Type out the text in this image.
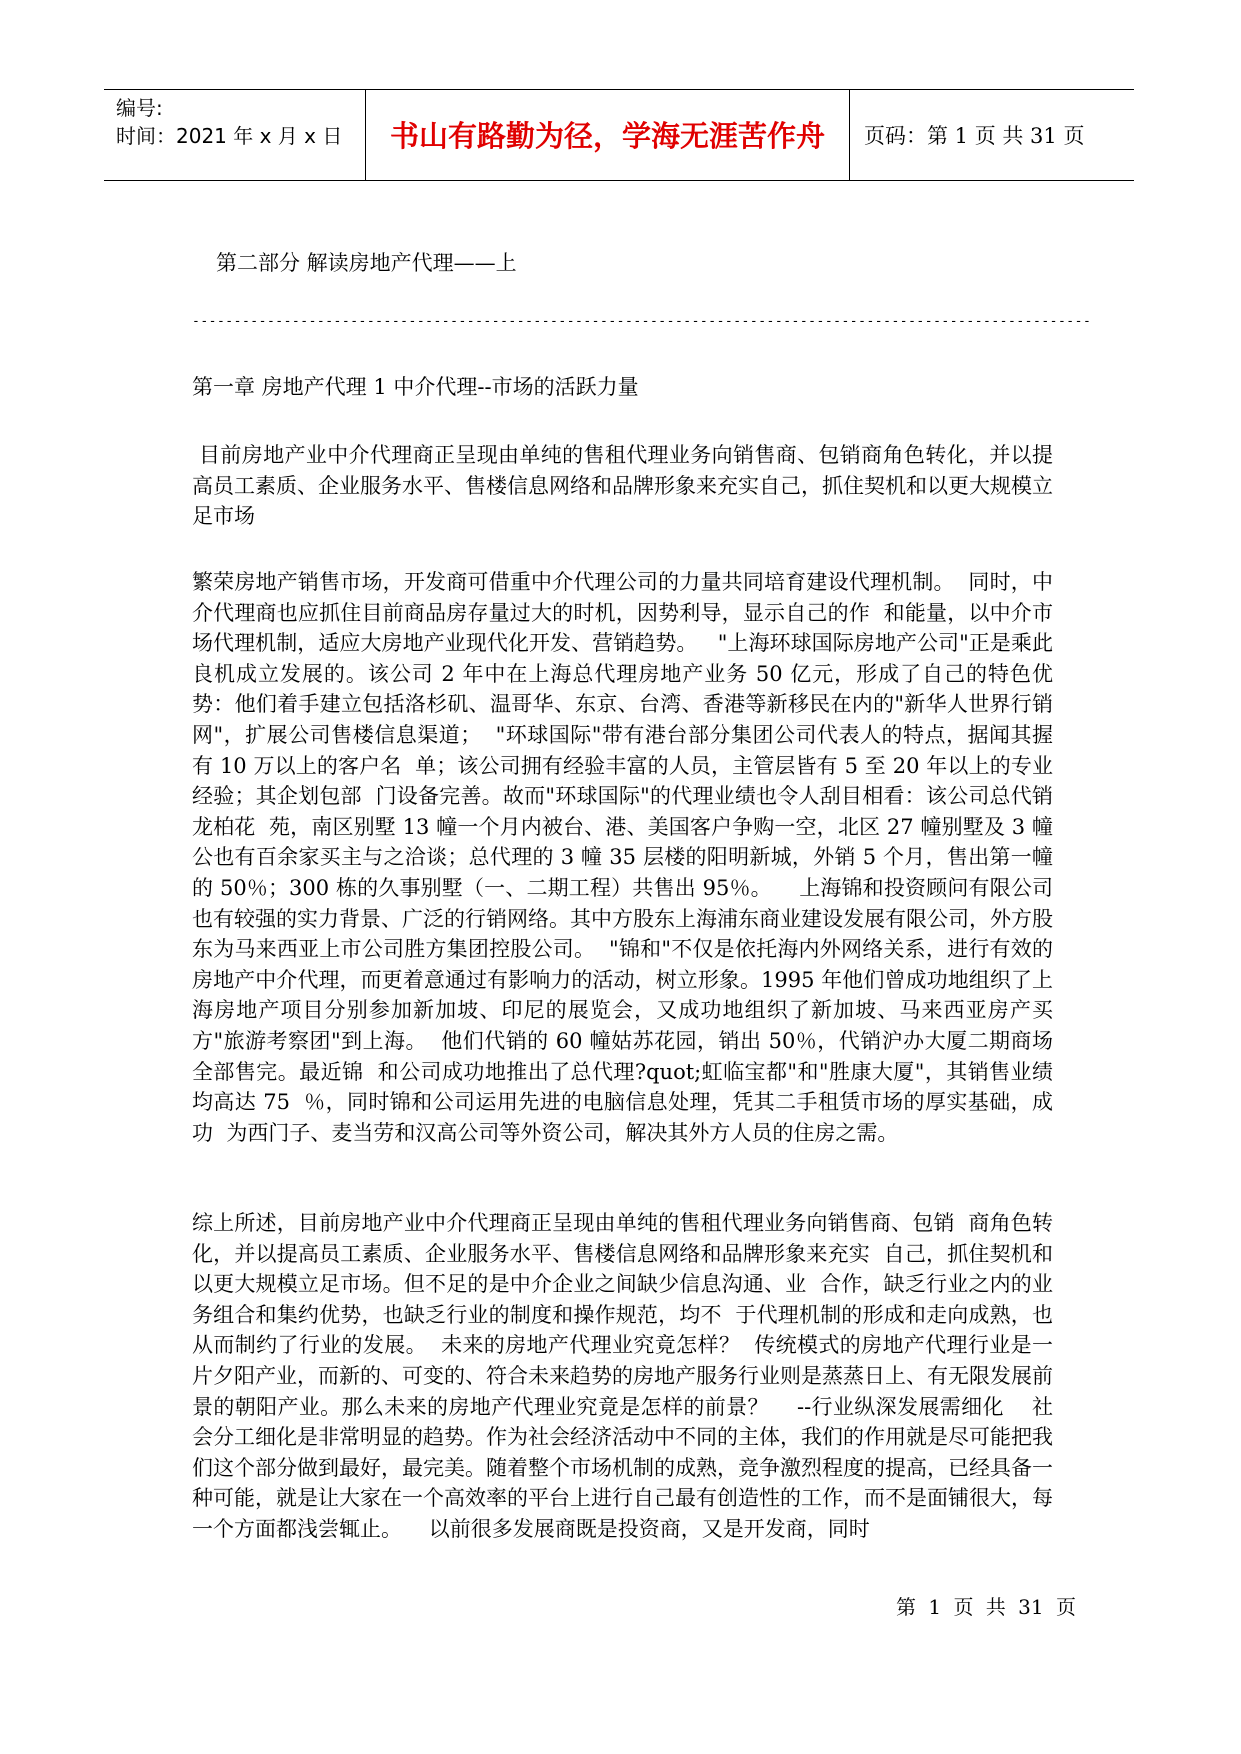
编号:
时间：2021 年 x 月 x 日	书山有路勤为径，学海无涯苦作舟	页码：第 1 页 共 31 页
第二部分 解读房地产代理——上
------------------------------------------------------------------------------------------------------------
第一章 房地产代理 1 中介代理--市场的活跃力量
目前房地产业中介代理商正呈现由单纯的售租代理业务向销售商、包销商角色转化，并以提高员工素质、企业服务水平、售楼信息网络和品牌形象来充实自己，抓住契机和以更大规模立足市场
繁荣房地产销售市场，开发商可借重中介代理公司的力量共同培育建设代理机制。  同时，中介代理商也应抓住目前商品房存量过大的时机，因势利导，显示自己的作  和能量，以中介市场代理机制，适应大房地产业现代化开发、营销趋势。   "上海环球国际房地产公司"正是乘此良机成立发展的。该公司 2 年中在上海总代理房地产业务 50 亿元，形成了自己的特色优势：他们着手建立包括洛杉矶、温哥华、东京、台湾、香港等新移民在内的"新华人世界行销网"，扩展公司售楼信息渠道；  "环球国际"带有港台部分集团公司代表人的特点，据闻其握有 10 万以上的客户名  单；该公司拥有经验丰富的人员，主管层皆有 5 至 20 年以上的专业经验；其企划包部  门设备完善。故而"环球国际"的代理业绩也令人刮目相看：该公司总代销龙柏花  苑，南区别墅 13 幢一个月内被台、港、美国客户争购一空，北区 27 幢别墅及 3 幢公也有百余家买主与之洽谈；总代理的 3 幢 35 层楼的阳明新城，外销 5 个月，售出第一幢的 50％；300 栋的久事别墅（一、二期工程）共售出 95％。    上海锦和投资顾问有限公司也有较强的实力背景、广泛的行销网络。其中方股东上海浦东商业建设发展有限公司，外方股东为马来西亚上市公司胜方集团控股公司。  "锦和"不仅是依托海内外网络关系，进行有效的房地产中介代理，而更着意通过有影响力的活动，树立形象。1995 年他们曾成功地组织了上海房地产项目分别参加新加坡、印尼的展览会，又成功地组织了新加坡、马来西亚房产买方"旅游考察团"到上海。  他们代销的 60 幢姑苏花园，销出 50％，代销沪办大厦二期商场全部售完。最近锦  和公司成功地推出了总代理?quot;虹临宝都"和"胜康大厦"，其销售业绩均高达 75  ％，同时锦和公司运用先进的电脑信息处理，凭其二手租赁市场的厚实基础，成功  为西门子、麦当劳和汉高公司等外资公司，解决其外方人员的住房之需。
综上所述，目前房地产业中介代理商正呈现由单纯的售租代理业务向销售商、包销  商角色转化，并以提高员工素质、企业服务水平、售楼信息网络和品牌形象来充实  自己，抓住契机和以更大规模立足市场。但不足的是中介企业之间缺少信息沟通、业  合作，缺乏行业之内的业务组合和集约优势，也缺乏行业的制度和操作规范，均不  于代理机制的形成和走向成熟，也从而制约了行业的发展。  未来的房地产代理业究竟怎样？  传统模式的房地产代理行业是一片夕阳产业，而新的、可变的、符合未来趋势的房地产服务行业则是蒸蒸日上、有无限发展前景的朝阳产业。那么未来的房地产代理业究竟是怎样的前景？    --行业纵深发展需细化    社会分工细化是非常明显的趋势。作为社会经济活动中不同的主体，我们的作用就是尽可能把我们这个部分做到最好，最完美。随着整个市场机制的成熟，竞争激烈程度的提高，已经具备一种可能，就是让大家在一个高效率的平台上进行自己最有创造性的工作，而不是面铺很大，每一个方面都浅尝辄止。    以前很多发展商既是投资商，又是开发商，同时
第 1 页 共 31 页
